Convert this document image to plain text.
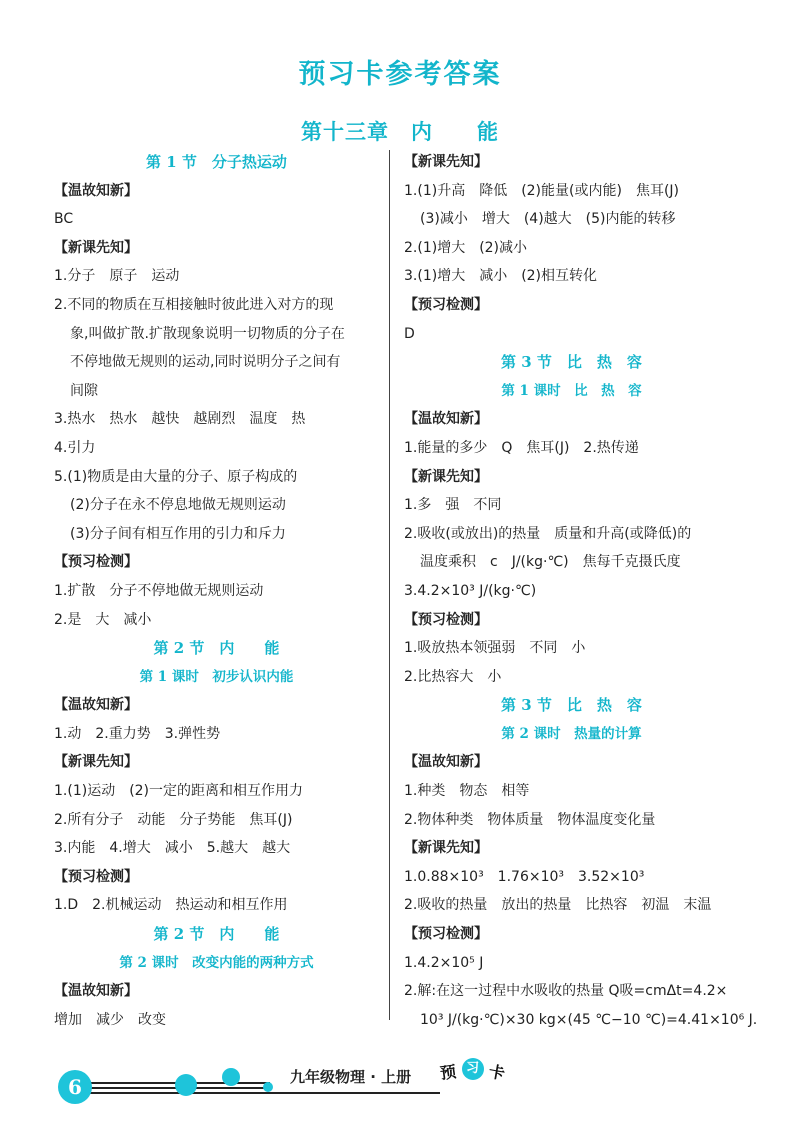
预习卡参考答案
第十三章　内　　能
第 1 节　分子热运动
【温故知新】
BC
【新课先知】
1.分子　原子　运动
2.不同的物质在互相接触时彼此进入对方的现
象,叫做扩散.扩散现象说明一切物质的分子在
不停地做无规则的运动,同时说明分子之间有
间隙
3.热水　热水　越快　越剧烈　温度　热
4.引力
5.(1)物质是由大量的分子、原子构成的
(2)分子在永不停息地做无规则运动
(3)分子间有相互作用的引力和斥力
【预习检测】
1.扩散　分子不停地做无规则运动
2.是　大　减小
第 2 节　内　　能
第 1 课时　初步认识内能
【温故知新】
1.动　2.重力势　3.弹性势
【新课先知】
1.(1)运动　(2)一定的距离和相互作用力
2.所有分子　动能　分子势能　焦耳(J)
3.内能　4.增大　减小　5.越大　越大
【预习检测】
1.D　2.机械运动　热运动和相互作用
第 2 节　内　　能
第 2 课时　改变内能的两种方式
【温故知新】
增加　减少　改变
【新课先知】
1.(1)升高　降低　(2)能量(或内能)　焦耳(J)
(3)减小　增大　(4)越大　(5)内能的转移
2.(1)增大　(2)减小
3.(1)增大　减小　(2)相互转化
【预习检测】
D
第 3 节　比　热　容
第 1 课时　比　热　容
【温故知新】
1.能量的多少　Q　焦耳(J)　2.热传递
【新课先知】
1.多　强　不同
2.吸收(或放出)的热量　质量和升高(或降低)的
温度乘积　c　J/(kg·℃)　焦每千克摄氏度
3.4.2×10³ J/(kg·℃)
【预习检测】
1.吸放热本领强弱　不同　小
2.比热容大　小
第 3 节　比　热　容
第 2 课时　热量的计算
【温故知新】
1.种类　物态　相等
2.物体种类　物体质量　物体温度变化量
【新课先知】
1.0.88×10³　1.76×10³　3.52×10³
2.吸收的热量　放出的热量　比热容　初温　末温
【预习检测】
1.4.2×10⁵ J
2.解:在这一过程中水吸收的热量 Q吸=cmΔt=4.2×
10³ J/(kg·℃)×30 kg×(45 ℃−10 ℃)=4.41×10⁶ J.
6	九年级物理 · 上册 预 习 卡
